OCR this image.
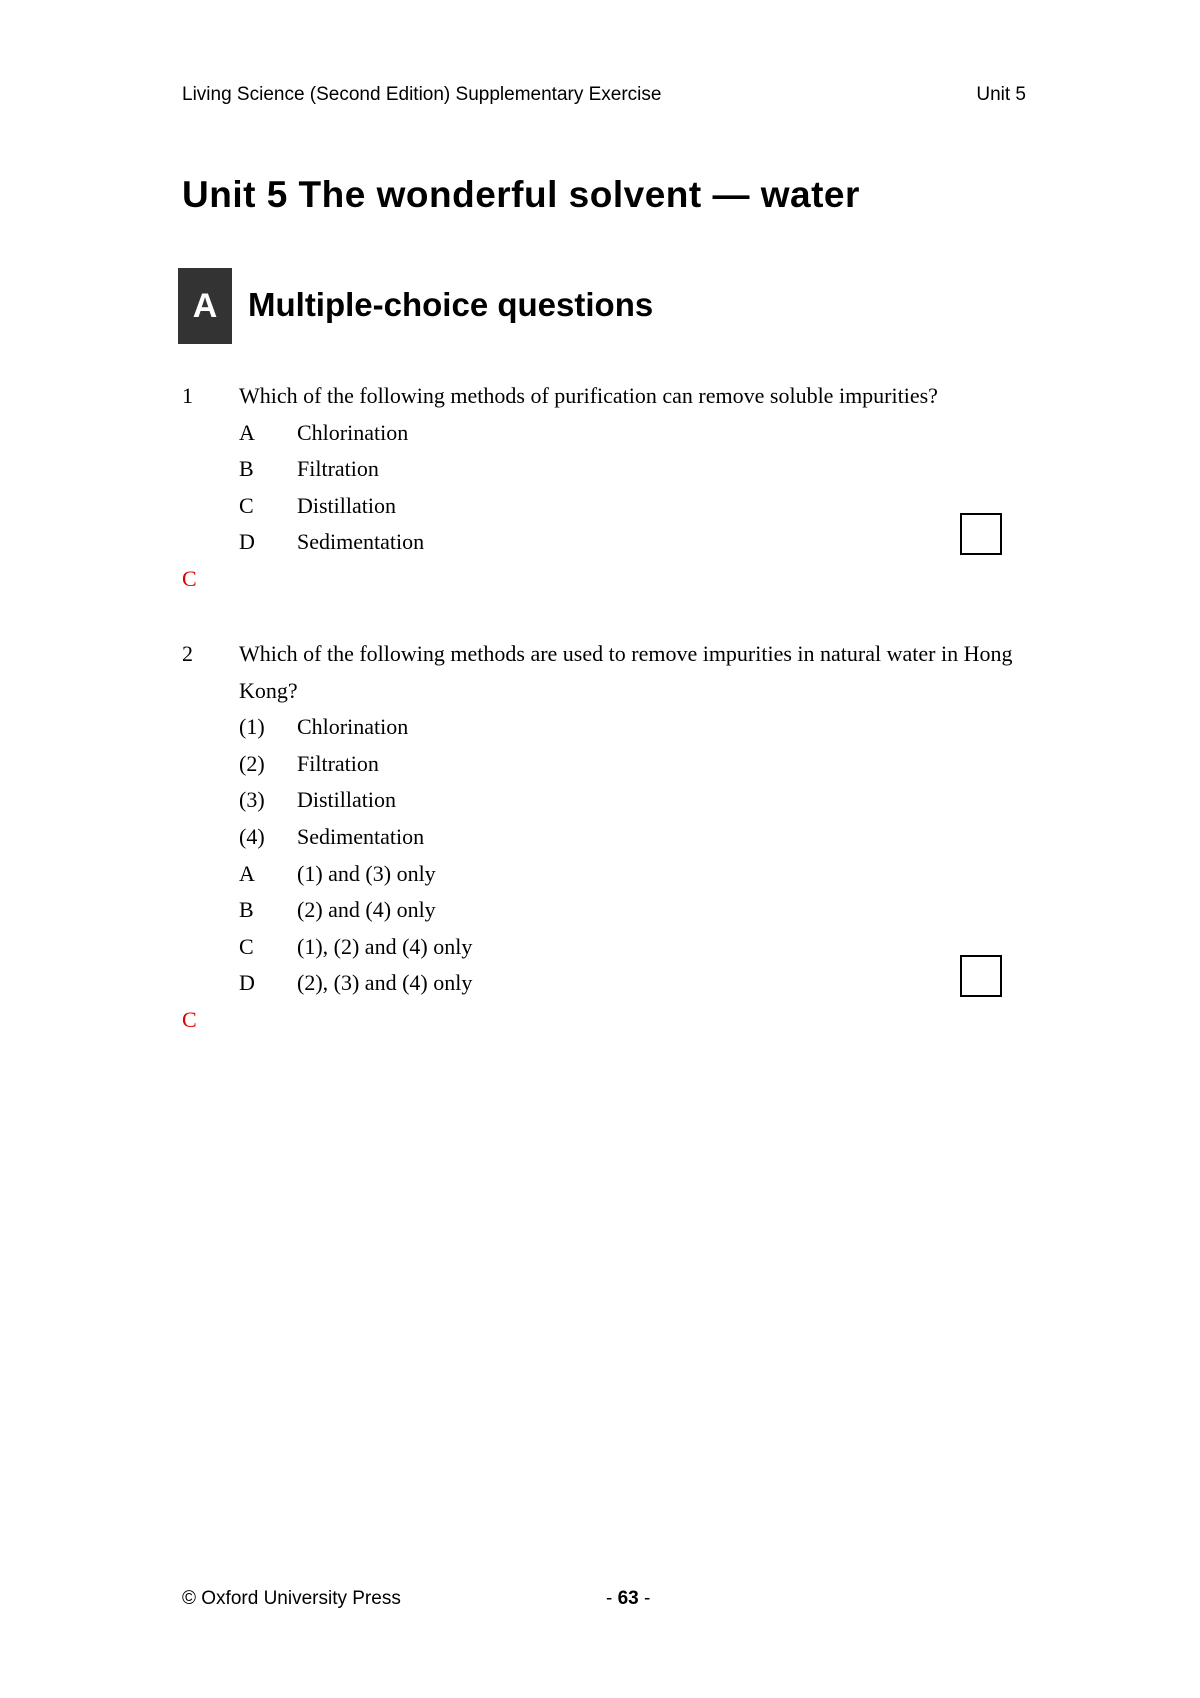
Living Science (Second Edition) Supplementary Exercise	Unit 5
Unit 5 The wonderful solvent — water
A Multiple-choice questions
1	Which of the following methods of purification can remove soluble impurities?
A	Chlorination
B	Filtration
C	Distillation
D	Sedimentation
C
2	Which of the following methods are used to remove impurities in natural water in Hong Kong?
(1)	Chlorination
(2)	Filtration
(3)	Distillation
(4)	Sedimentation
A	(1) and (3) only
B	(2) and (4) only
C	(1), (2) and (4) only
D	(2), (3) and (4) only
C
© Oxford University Press	- 63 -
